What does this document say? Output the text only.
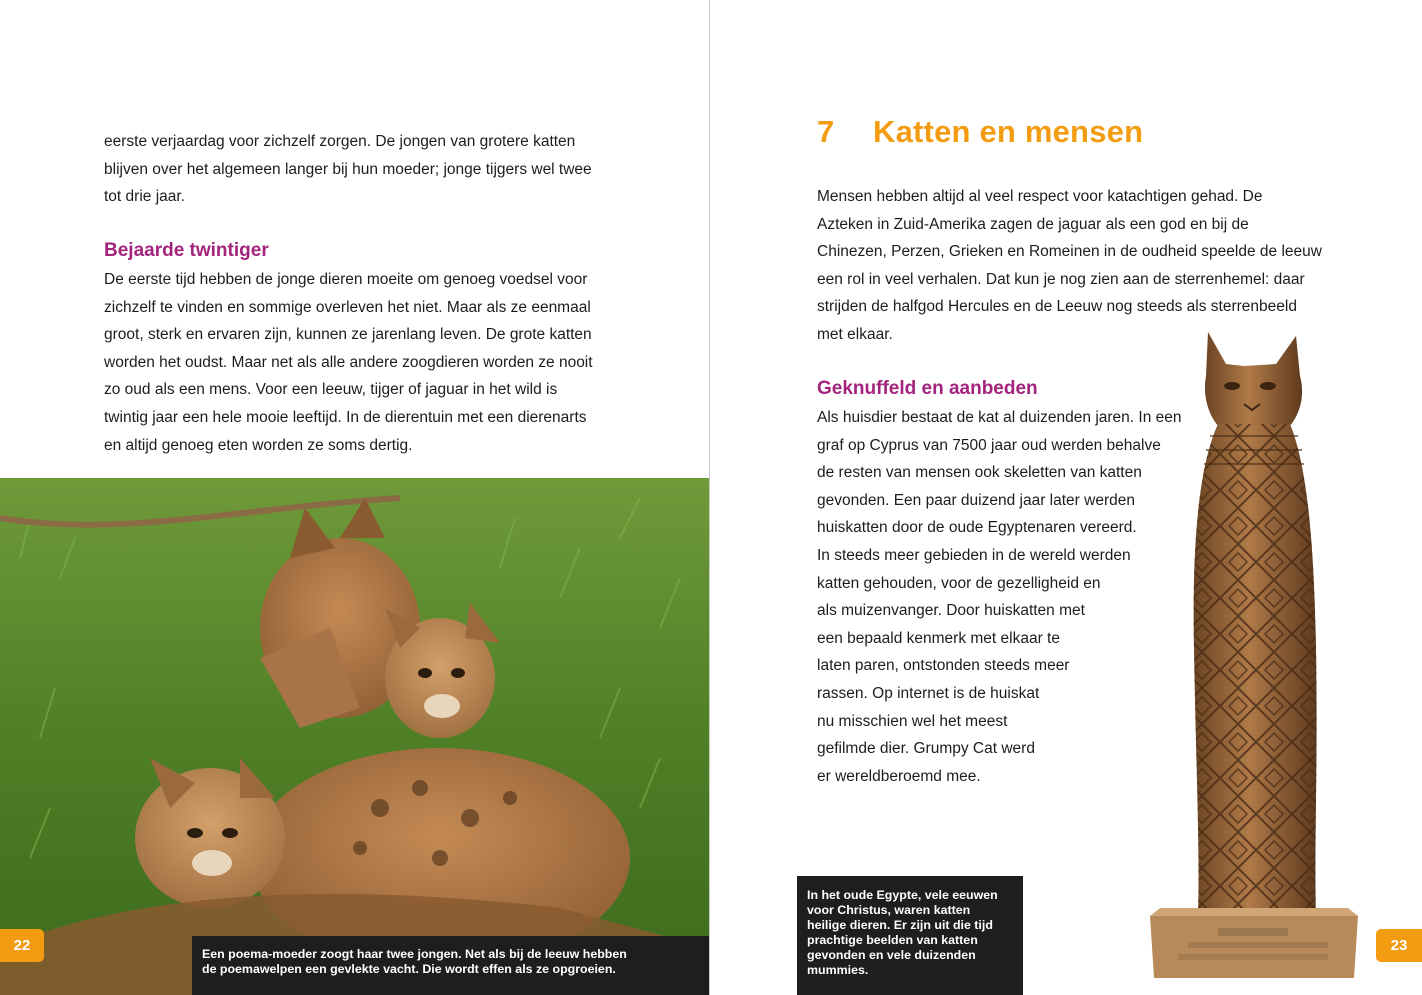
eerste verjaardag voor zichzelf zorgen. De jongen van grotere katten
blijven over het algemeen langer bij hun moeder; jonge tijgers wel twee
tot drie jaar.
Bejaarde twintiger
De eerste tijd hebben de jonge dieren moeite om genoeg voedsel voor
zichzelf te vinden en sommige overleven het niet. Maar als ze eenmaal
groot, sterk en ervaren zijn, kunnen ze jarenlang leven. De grote katten
worden het oudst. Maar net als alle andere zoogdieren worden ze nooit
zo oud als een mens. Voor een leeuw, tijger of jaguar in het wild is
twintig jaar een hele mooie leeftijd. In de dierentuin met een dierenarts
en altijd genoeg eten worden ze soms dertig.
Een poema-moeder zoogt haar twee jongen. Net als bij de leeuw hebben
de poemawelpen een gevlekte vacht. Die wordt effen als ze opgroeien.
22
7 Katten en mensen
Mensen hebben altijd al veel respect voor katachtigen gehad. De
Azteken in Zuid-Amerika zagen de jaguar als een god en bij de
Chinezen, Perzen, Grieken en Romeinen in de oudheid speelde de leeuw
een rol in veel verhalen. Dat kun je nog zien aan de sterrenhemel: daar
strijden de halfgod Hercules en de Leeuw nog steeds als sterrenbeeld
met elkaar.
Geknuffeld en aanbeden
Als huisdier bestaat de kat al duizenden jaren. In een
graf op Cyprus van 7500 jaar oud werden behalve
de resten van mensen ook skeletten van katten
gevonden. Een paar duizend jaar later werden
huiskatten door de oude Egyptenaren vereerd.
In steeds meer gebieden in de wereld werden
katten gehouden, voor de gezelligheid en
als muizenvanger. Door huiskatten met
een bepaald kenmerk met elkaar te
laten paren, ontstonden steeds meer
rassen. Op internet is de huiskat
nu misschien wel het meest
gefilmde dier. Grumpy Cat werd
er wereldberoemd mee.
In het oude Egypte, vele eeuwen
voor Christus, waren katten
heilige dieren. Er zijn uit die tijd
prachtige beelden van katten
gevonden en vele duizenden
mummies.
23
